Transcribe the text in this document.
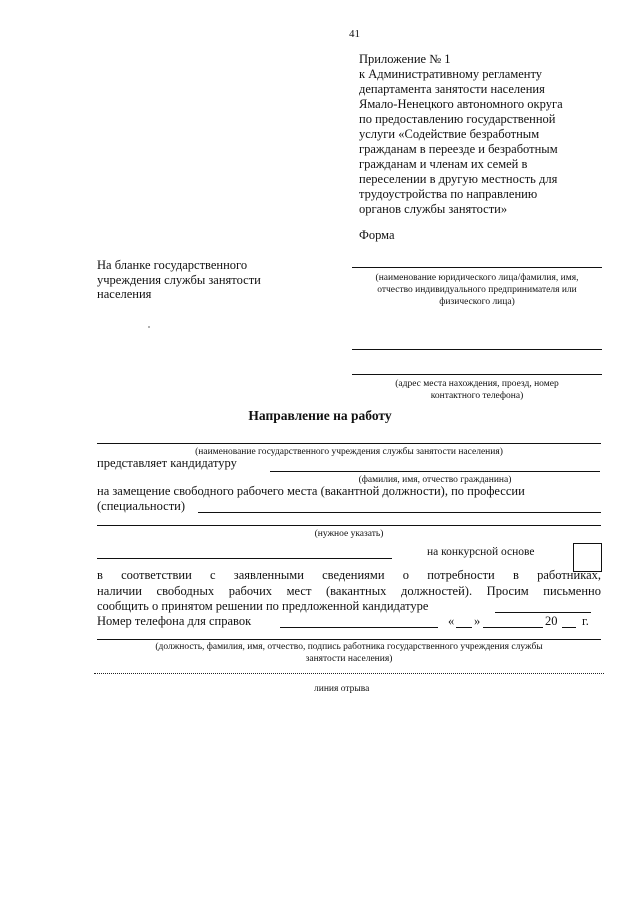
41
Приложение № 1
к Административному регламенту
департамента занятости населения
Ямало-Ненецкого автономного округа
по предоставлению государственной
услуги «Содействие безработным
гражданам в переезде и безработным
гражданам и членам их семей в
переселении в другую местность для
трудоустройства по направлению
органов службы занятости»
Форма
На бланке государственного
учреждения службы занятости
населения
(наименование юридического лица/фамилия, имя,
отчество индивидуального предпринимателя или
физического лица)
(адрес места нахождения, проезд, номер
контактного телефона)
Направление на работу
(наименование государственного учреждения службы занятости населения)
представляет кандидатуру
(фамилия, имя, отчество гражданина)
на замещение свободного рабочего места (вакантной должности), по профессии
(специальности)
(нужное указать)
на конкурсной основе
в соответствии с заявленными сведениями о потребности в работниках,
наличии свободных рабочих мест (вакантных должностей). Просим письменно
сообщить о принятом решении по предложенной кандидатуре
Номер телефона для справок	« »	20 г.
(должность, фамилия, имя, отчество, подпись работника государственного учреждения службы
занятости населения)
линия отрыва
